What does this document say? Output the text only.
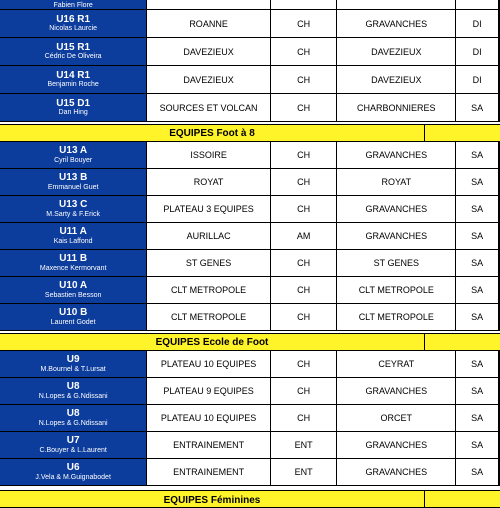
Fabien Flore
U16 R1
Nicolas Laurcie
ROANNE	CH	GRAVANCHES	DI
U15 R1
Cédric De Oliveira
DAVEZIEUX	CH	DAVEZIEUX	DI
U14 R1
Benjamin Roche
DAVEZIEUX	CH	DAVEZIEUX	DI
U15 D1
Dan Hing
SOURCES ET VOLCAN	CH	CHARBONNIERES	SA
EQUIPES Foot à 8
U13 A
Cyril Bouyer
ISSOIRE	CH	GRAVANCHES	SA
U13 B
Emmanuel Guet
ROYAT	CH	ROYAT	SA
U13 C
M.Sarty & F.Erick
PLATEAU 3 EQUIPES	CH	GRAVANCHES	SA
U11 A
Kais Laffond
AURILLAC	AM	GRAVANCHES	SA
U11 B
Maxence Kermorvant
ST GENES	CH	ST GENES	SA
U10 A
Sebastien Besson
CLT METROPOLE	CH	CLT METROPOLE	SA
U10 B
Laurent Godet
CLT METROPOLE	CH	CLT METROPOLE	SA
EQUIPES Ecole de Foot
U9
M.Bournel & T.Lursat
PLATEAU 10 EQUIPES	CH	CEYRAT	SA
U8
N.Lopes & G.Ndissani
PLATEAU 9 EQUIPES	CH	GRAVANCHES	SA
U8
N.Lopes & G.Ndissani
PLATEAU 10 EQUIPES	CH	ORCET	SA
U7
C.Bouyer & L.Laurent
ENTRAINEMENT	ENT	GRAVANCHES	SA
U6
J.Vela & M.Guignabodet
ENTRAINEMENT	ENT	GRAVANCHES	SA
EQUIPES Féminines
